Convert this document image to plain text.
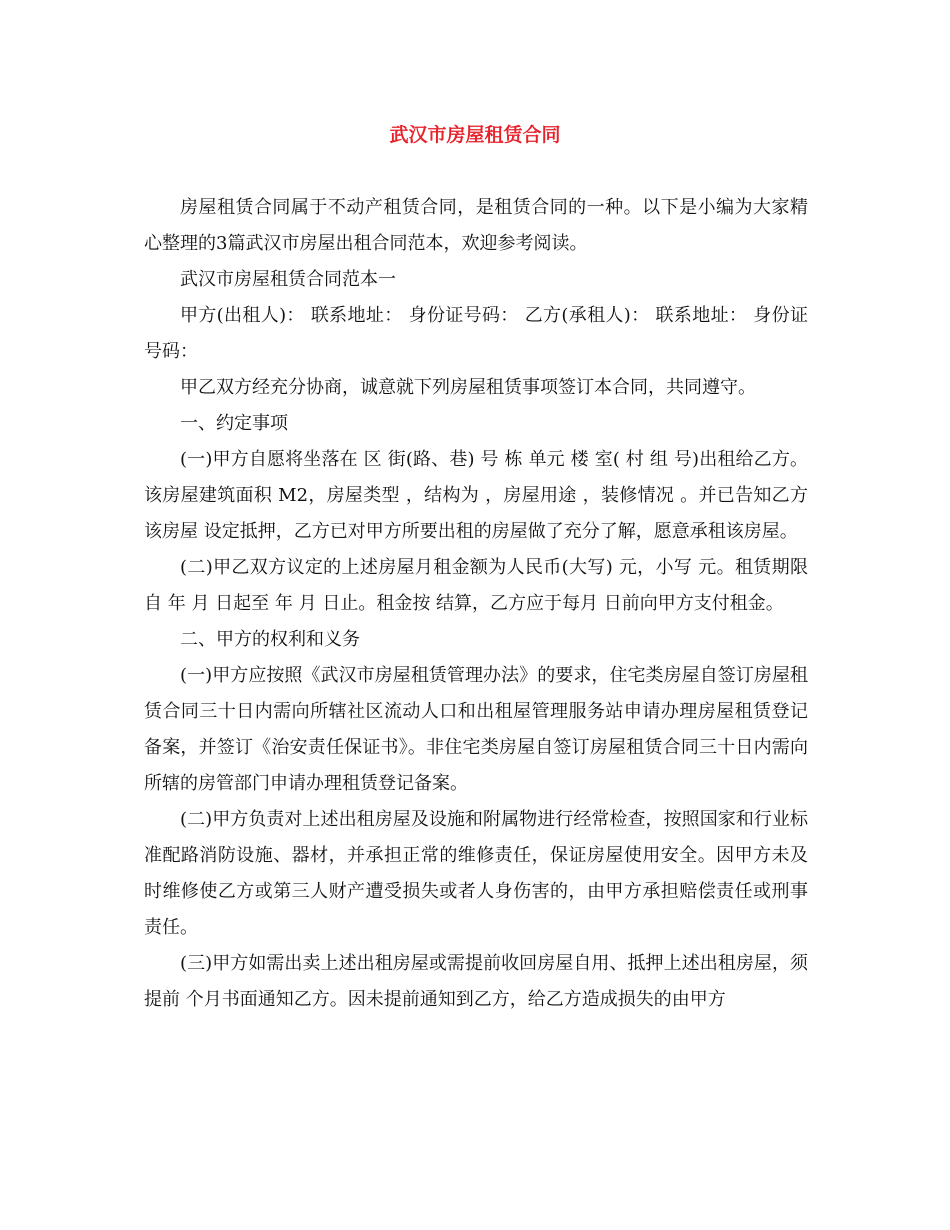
武汉市房屋租赁合同

房屋租赁合同属于不动产租赁合同，是租赁合同的一种。以下是小编为大家精心整理的3篇武汉市房屋出租合同范本，欢迎参考阅读。

武汉市房屋租赁合同范本一

甲方(出租人)： 联系地址： 身份证号码： 乙方(承租人)： 联系地址： 身份证号码：

甲乙双方经充分协商，诚意就下列房屋租赁事项签订本合同，共同遵守。

一、约定事项

(一)甲方自愿将坐落在 区 街(路、巷) 号 栋 单元 楼 室( 村 组 号)出租给乙方。该房屋建筑面积 M2，房屋类型 ，结构为 ，房屋用途 ，装修情况 。并已告知乙方该房屋 设定抵押，乙方已对甲方所要出租的房屋做了充分了解，愿意承租该房屋。

(二)甲乙双方议定的上述房屋月租金额为人民币(大写) 元，小写 元。租赁期限自 年 月 日起至 年 月 日止。租金按 结算，乙方应于每月 日前向甲方支付租金。

二、甲方的权利和义务

(一)甲方应按照《武汉市房屋租赁管理办法》的要求，住宅类房屋自签订房屋租赁合同三十日内需向所辖社区流动人口和出租屋管理服务站申请办理房屋租赁登记备案，并签订《治安责任保证书》。非住宅类房屋自签订房屋租赁合同三十日内需向所辖的房管部门申请办理租赁登记备案。

(二)甲方负责对上述出租房屋及设施和附属物进行经常检查，按照国家和行业标准配路消防设施、器材，并承担正常的维修责任，保证房屋使用安全。因甲方未及时维修使乙方或第三人财产遭受损失或者人身伤害的，由甲方承担赔偿责任或刑事责任。

(三)甲方如需出卖上述出租房屋或需提前收回房屋自用、抵押上述出租房屋，须提前 个月书面通知乙方。因未提前通知到乙方，给乙方造成损失的由甲方
